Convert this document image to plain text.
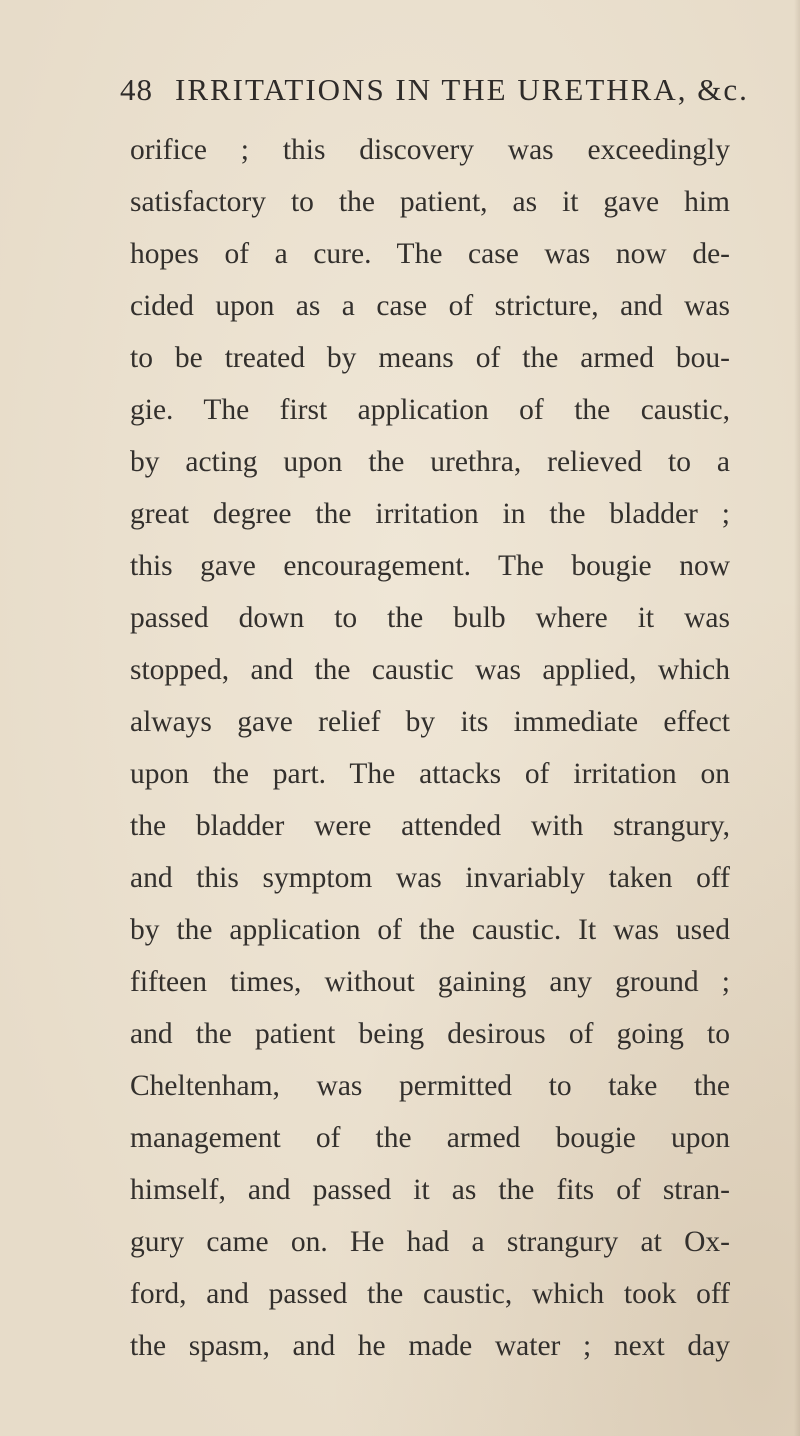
48 IRRITATIONS IN THE URETHRA, &c.
orifice ; this discovery was exceedingly
satisfactory to the patient, as it gave him
hopes of a cure. The case was now de-
cided upon as a case of stricture, and was
to be treated by means of the armed bou-
gie. The first application of the caustic,
by acting upon the urethra, relieved to a
great degree the irritation in the bladder ;
this gave encouragement. The bougie now
passed down to the bulb where it was
stopped, and the caustic was applied, which
always gave relief by its immediate effect
upon the part. The attacks of irritation on
the bladder were attended with strangury,
and this symptom was invariably taken off
by the application of the caustic. It was used
fifteen times, without gaining any ground ;
and the patient being desirous of going to
Cheltenham, was permitted to take the
management of the armed bougie upon
himself, and passed it as the fits of stran-
gury came on. He had a strangury at Ox-
ford, and passed the caustic, which took off
the spasm, and he made water ; next day
